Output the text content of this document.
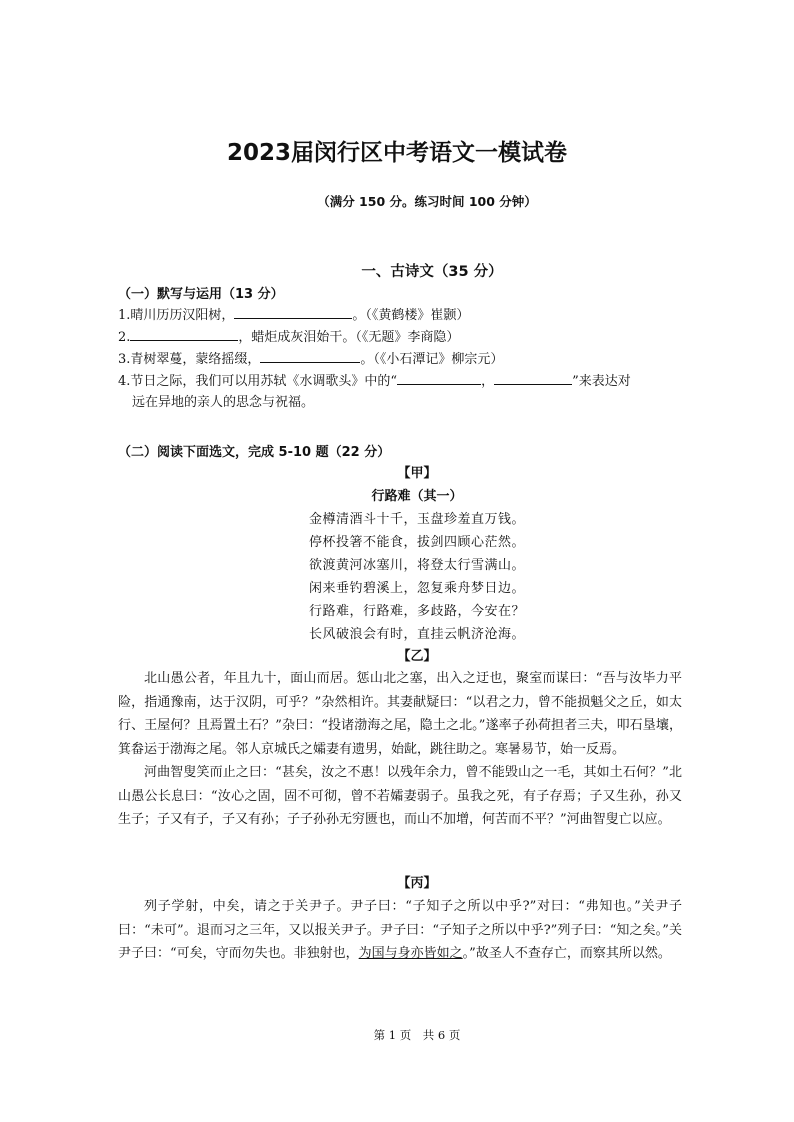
2023届闵行区中考语文一模试卷
（满分 150 分。练习时间 100 分钟）
一、古诗文（35 分）
（一）默写与运用（13 分）
1.晴川历历汉阳树，	。（《黄鹤楼》崔颢）
2.	，蜡炬成灰泪始干。（《无题》李商隐）
3.青树翠蔓，蒙络摇缀，	。（《小石潭记》柳宗元）
4.节日之际，我们可以用苏轼《水调歌头》中的“	，	”来表达对
远在异地的亲人的思念与祝福。
（二）阅读下面选文，完成 5-10 题（22 分）
【甲】
行路难（其一）
金樽清酒斗十千，玉盘珍羞直万钱。
停杯投箸不能食，拔剑四顾心茫然。
欲渡黄河冰塞川，将登太行雪满山。
闲来垂钓碧溪上，忽复乘舟梦日边。
行路难，行路难，多歧路，今安在？
长风破浪会有时，直挂云帆济沧海。
【乙】

北山愚公者，年且九十，面山而居。惩山北之塞，出入之迂也，聚室而谋曰：“吾与汝毕力平险，指通豫南，达于汉阴，可乎？”杂然相许。其妻献疑曰：“以君之力，曾不能损魁父之丘，如太行、王屋何？且焉置土石？”杂曰：“投诸渤海之尾，隐土之北。”遂率子孙荷担者三夫，叩石垦壤，箕畚运于渤海之尾。邻人京城氏之孀妻有遗男，始龀，跳往助之。寒暑易节，始一反焉。

河曲智叟笑而止之曰：“甚矣，汝之不惠！以残年余力，曾不能毁山之一毛，其如土石何？”北山愚公长息曰：“汝心之固，固不可彻，曾不若孀妻弱子。虽我之死，有子存焉；子又生孙，孙又生子；子又有子，子又有孙；子子孙孙无穷匮也，而山不加增，何苦而不平？”河曲智叟亡以应。

【丙】

列子学射，中矣，请之于关尹子。尹子曰：“子知子之所以中乎?”对曰：“弗知也。”关尹子曰：“未可”。退而习之三年，又以报关尹子。尹子曰：“子知子之所以中乎?”列子曰：“知之矣。”关尹子曰：“可矣，守而勿失也。非独射也，为国与身亦皆如之。”故圣人不查存亡，而察其所以然。

第 1 页　共 6 页
